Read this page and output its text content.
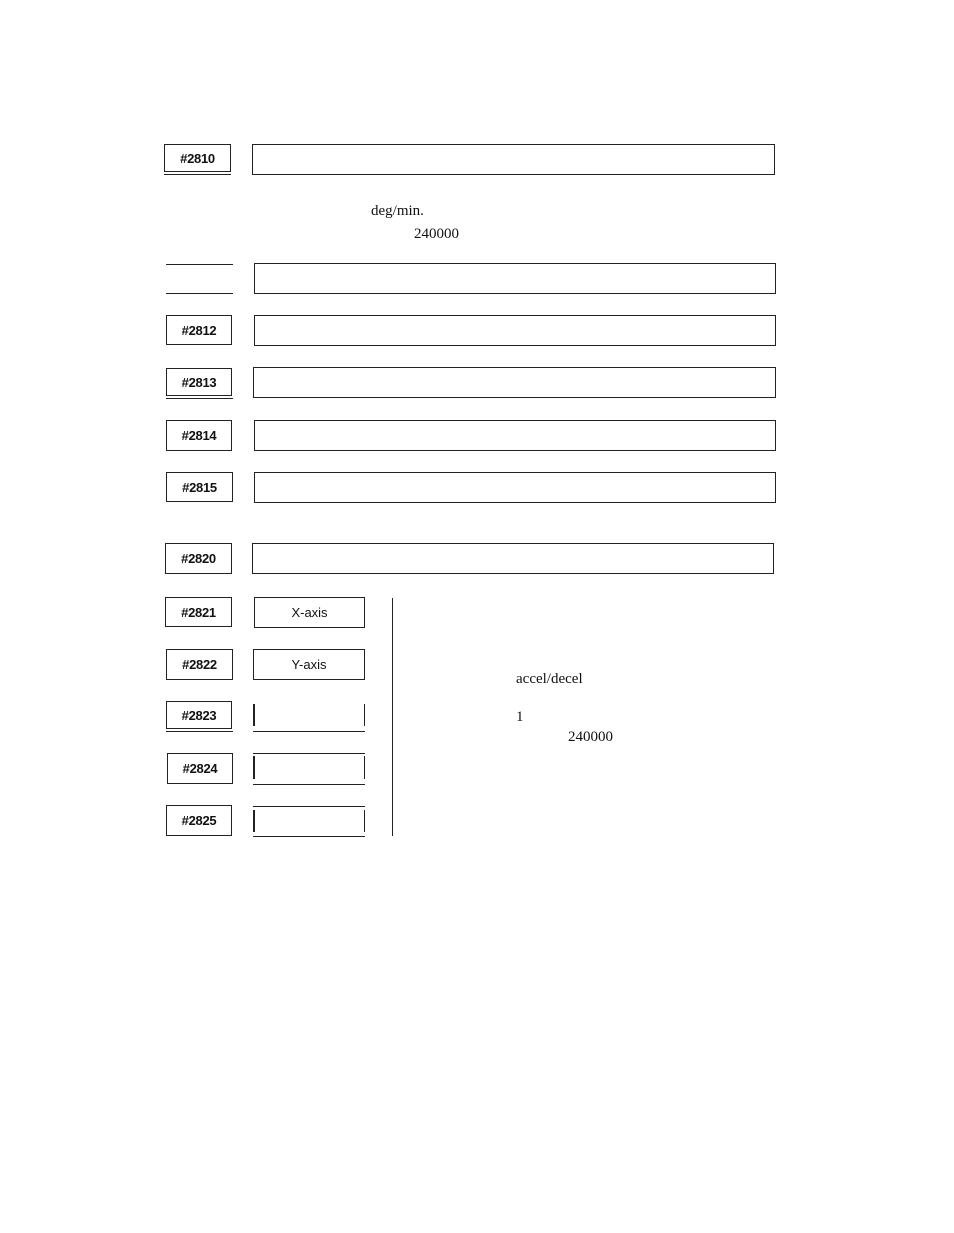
#2810
deg/min.
240000
#2812
#2813
#2814
#2815
#2820
#2821	X-axis
#2822	Y-axis
#2823
#2824
#2825
accel/decel
1
240000
